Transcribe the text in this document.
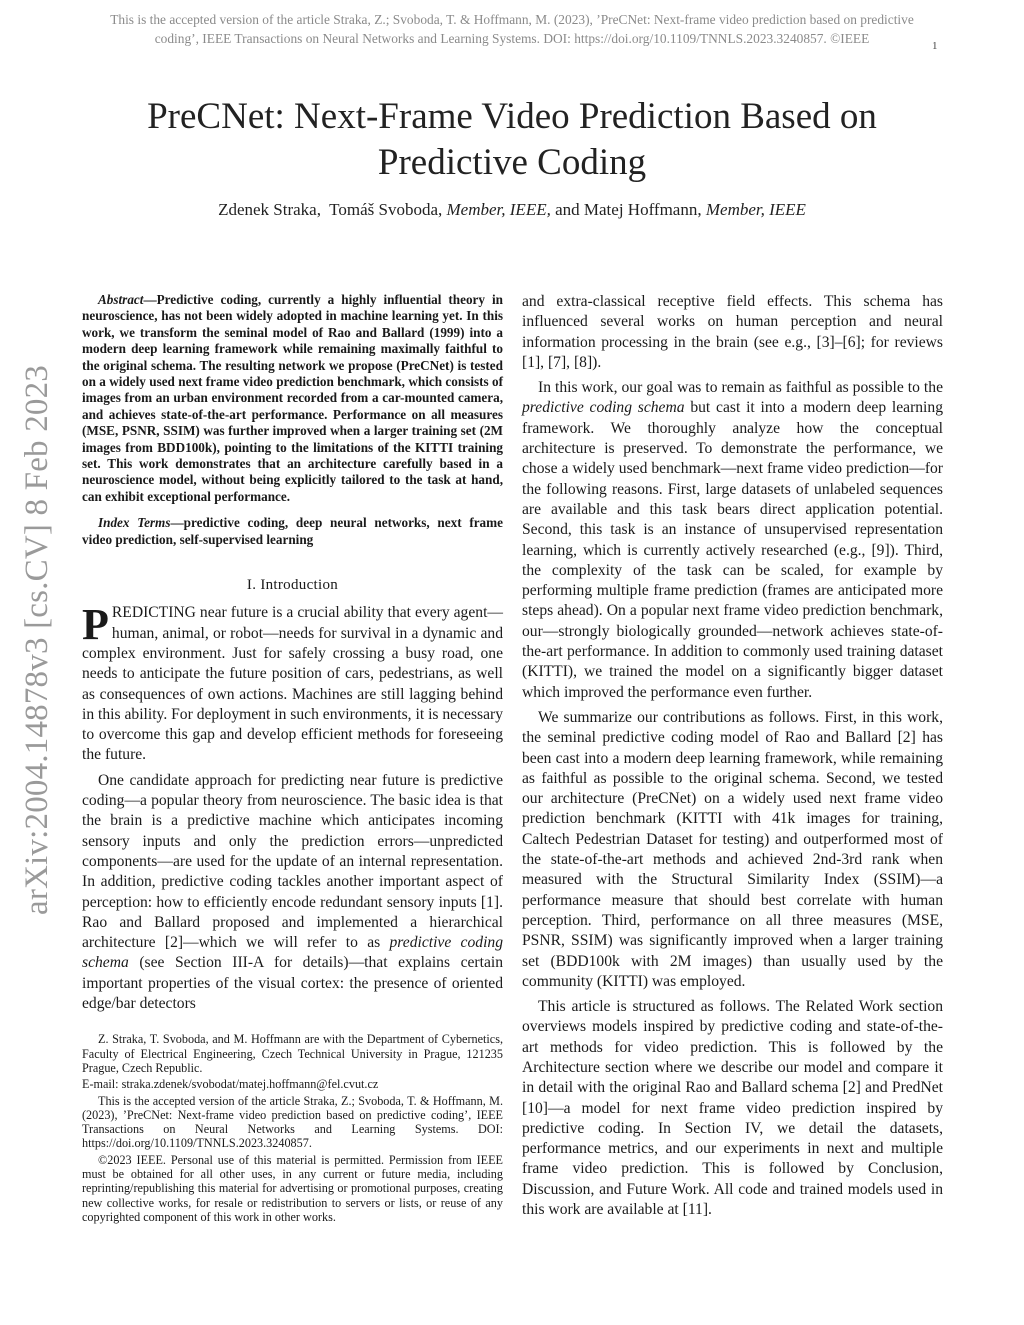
This is the accepted version of the article Straka, Z.; Svoboda, T. & Hoffmann, M. (2023), ’PreCNet: Next-frame video prediction based on predictive
coding’, IEEE Transactions on Neural Networks and Learning Systems. DOI: https://doi.org/10.1109/TNNLS.2023.3240857. ©IEEE	1
PreCNet: Next-Frame Video Prediction Based on
Predictive Coding
Zdenek Straka, Tomáš Svoboda, Member, IEEE, and Matej Hoffmann, Member, IEEE
arXiv:2004.14878v3 [cs.CV] 8 Feb 2023

Abstract—Predictive coding, currently a highly influential theory in neuroscience, has not been widely adopted in machine learning yet. In this work, we transform the seminal model of Rao and Ballard (1999) into a modern deep learning framework while remaining maximally faithful to the original schema. The resulting network we propose (PreCNet) is tested on a widely used next frame video prediction benchmark, which consists of images from an urban environment recorded from a car-mounted camera, and achieves state-of-the-art performance. Performance on all measures (MSE, PSNR, SSIM) was further improved when a larger training set (2M images from BDD100k), pointing to the limitations of the KITTI training set. This work demonstrates that an architecture carefully based in a neuroscience model, without being explicitly tailored to the task at hand, can exhibit exceptional performance.

Index Terms—predictive coding, deep neural networks, next frame video prediction, self-supervised learning

I. Introduction

PREDICTING near future is a crucial ability that every agent—human, animal, or robot—needs for survival in a dynamic and complex environment. Just for safely crossing a busy road, one needs to anticipate the future position of cars, pedestrians, as well as consequences of own actions. Machines are still lagging behind in this ability. For deployment in such environments, it is necessary to overcome this gap and develop efficient methods for foreseeing the future.

One candidate approach for predicting near future is predictive coding—a popular theory from neuroscience. The basic idea is that the brain is a predictive machine which anticipates incoming sensory inputs and only the prediction errors—unpredicted components—are used for the update of an internal representation. In addition, predictive coding tackles another important aspect of perception: how to efficiently encode redundant sensory inputs [1]. Rao and Ballard proposed and implemented a hierarchical architecture [2]—which we will refer to as predictive coding schema (see Section III-A for details)—that explains certain important properties of the visual cortex: the presence of oriented edge/bar detectors

Z. Straka, T. Svoboda, and M. Hoffmann are with the Department of Cybernetics, Faculty of Electrical Engineering, Czech Technical University in Prague, 121235 Prague, Czech Republic.

E-mail: straka.zdenek/svobodat/matej.hoffmann@fel.cvut.cz

This is the accepted version of the article Straka, Z.; Svoboda, T. & Hoffmann, M. (2023), ’PreCNet: Next-frame video prediction based on predictive coding’, IEEE Transactions on Neural Networks and Learning Systems. DOI: https://doi.org/10.1109/TNNLS.2023.3240857.

©2023 IEEE. Personal use of this material is permitted. Permission from IEEE must be obtained for all other uses, in any current or future media, including reprinting/republishing this material for advertising or promotional purposes, creating new collective works, for resale or redistribution to servers or lists, or reuse of any copyrighted component of this work in other works.

and extra-classical receptive field effects. This schema has influenced several works on human perception and neural information processing in the brain (see e.g., [3]–[6]; for reviews [1], [7], [8]).

In this work, our goal was to remain as faithful as possible to the predictive coding schema but cast it into a modern deep learning framework. We thoroughly analyze how the conceptual architecture is preserved. To demonstrate the performance, we chose a widely used benchmark—next frame video prediction—for the following reasons. First, large datasets of unlabeled sequences are available and this task bears direct application potential. Second, this task is an instance of unsupervised representation learning, which is currently actively researched (e.g., [9]). Third, the complexity of the task can be scaled, for example by performing multiple frame prediction (frames are anticipated more steps ahead). On a popular next frame video prediction benchmark, our—strongly biologically grounded—network achieves state-of-the-art performance. In addition to commonly used training dataset (KITTI), we trained the model on a significantly bigger dataset which improved the performance even further.

We summarize our contributions as follows. First, in this work, the seminal predictive coding model of Rao and Ballard [2] has been cast into a modern deep learning framework, while remaining as faithful as possible to the original schema. Second, we tested our architecture (PreCNet) on a widely used next frame video prediction benchmark (KITTI with 41k images for training, Caltech Pedestrian Dataset for testing) and outperformed most of the state-of-the-art methods and achieved 2nd-3rd rank when measured with the Structural Similarity Index (SSIM)—a performance measure that should best correlate with human perception. Third, performance on all three measures (MSE, PSNR, SSIM) was significantly improved when a larger training set (BDD100k with 2M images) than usually used by the community (KITTI) was employed.

This article is structured as follows. The Related Work section overviews models inspired by predictive coding and state-of-the-art methods for video prediction. This is followed by the Architecture section where we describe our model and compare it in detail with the original Rao and Ballard schema [2] and PredNet [10]—a model for next frame video prediction inspired by predictive coding. In Section IV, we detail the datasets, performance metrics, and our experiments in next and multiple frame video prediction. This is followed by Conclusion, Discussion, and Future Work. All code and trained models used in this work are available at [11].
